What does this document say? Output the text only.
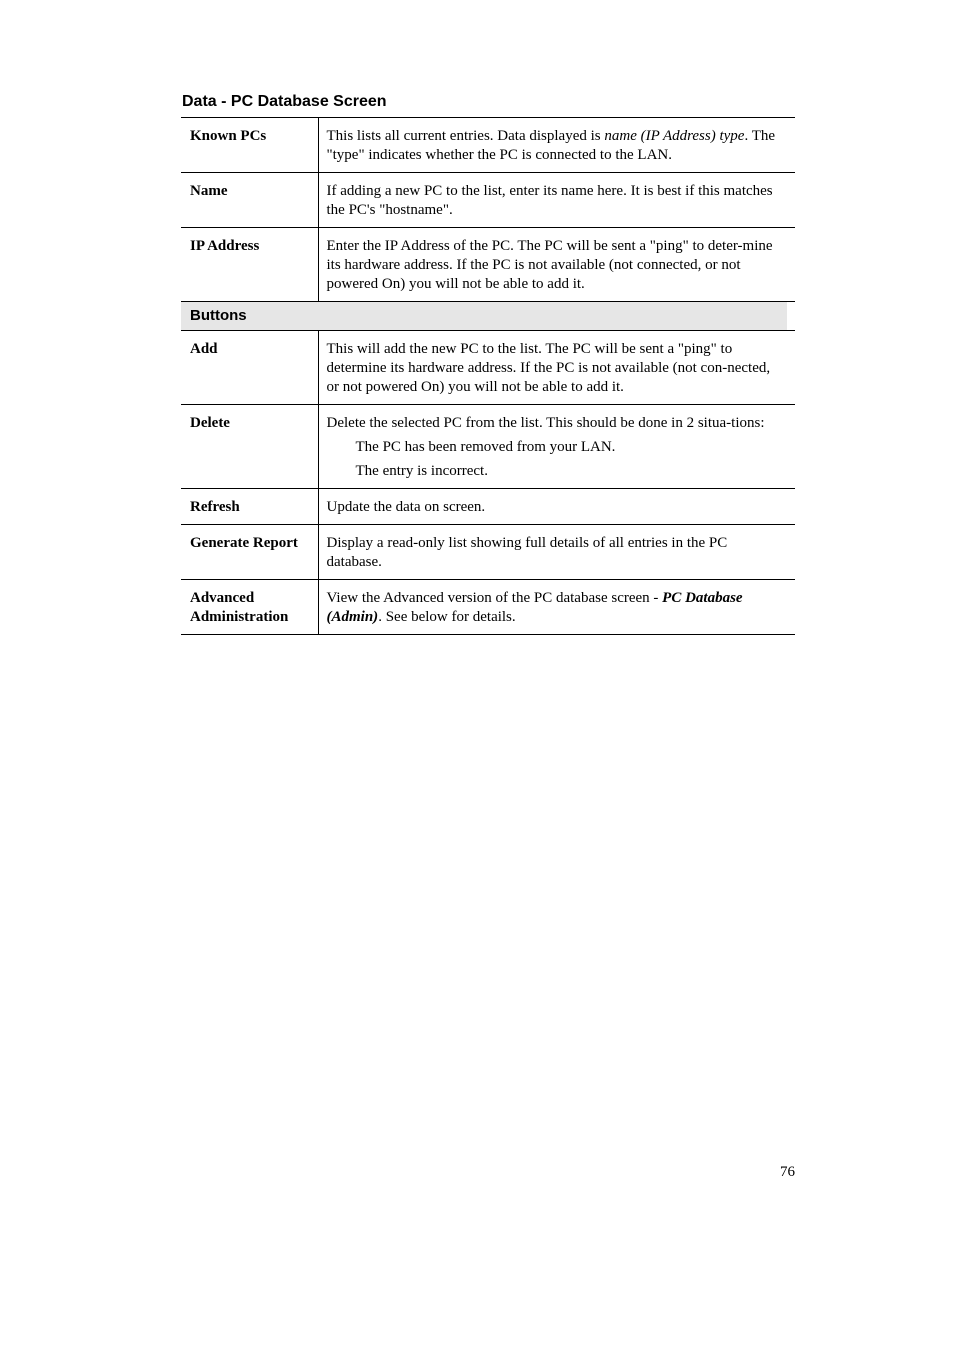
Data - PC Database Screen
Known PCs	This lists all current entries. Data displayed is name (IP Address) type. The "type" indicates whether the PC is connected to the LAN.
Name	If adding a new PC to the list, enter its name here. It is best if this matches the PC's "hostname".
IP Address	Enter the IP Address of the PC. The PC will be sent a "ping" to deter-mine its hardware address. If the PC is not available (not connected, or not powered On) you will not be able to add it.
Buttons	
Add	This will add the new PC to the list. The PC will be sent a "ping" to determine its hardware address. If the PC is not available (not con-nected, or not powered On) you will not be able to add it.
Delete	Delete the selected PC from the list. This should be done in 2 situa-tions:
The PC has been removed from your LAN.
The entry is incorrect.

Refresh	Update the data on screen.
Generate Report	Display a read-only list showing full details of all entries in the PC database.
Advanced
Administration	View the Advanced version of the PC database screen - PC Database (Admin). See below for details.
76
